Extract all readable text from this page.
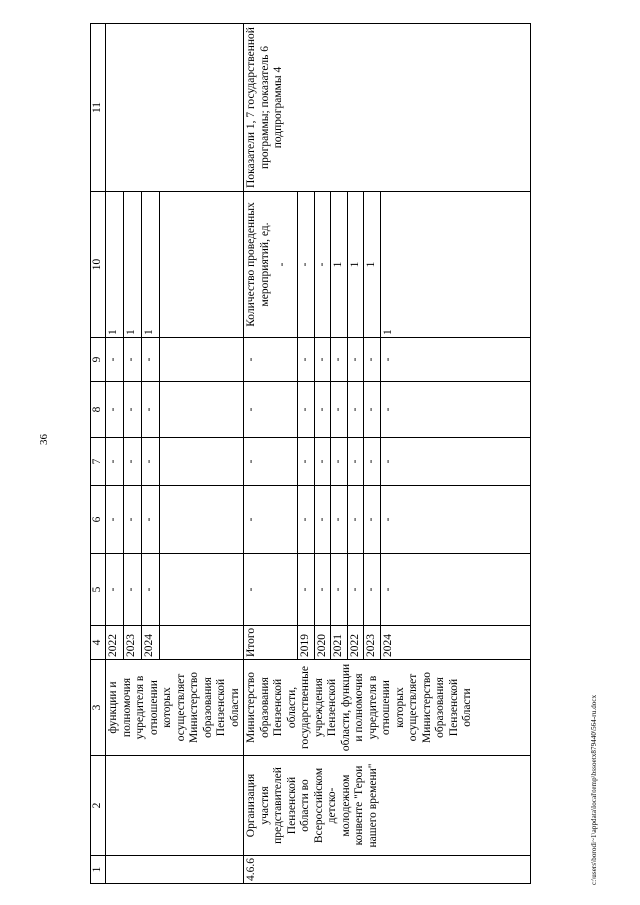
36
1	2	3	4	5	6	7	8	9	10	11
		функции и полномочия учредителя в отношении которых осуществляет Министерство образования Пензенской области	2022	-	-	-	-	-	1	
			2023	-	-	-	-	-	1	
			2024	-	-	-	-	-	1	

4.6.6	Организация участия представителей Пензенской области во Всероссийском детско-молодежном конвенте "Герои нашего времени"	Министерство образования Пензенской области, государственные учреждения Пензенской области, функции и полномочия учредителя в отношении которых осуществляет Министерство образования Пензенской области	Итого	-	-	-	-	-	Количество проведенных мероприятий, ед. -	Показатели 1, 7 государственной программы; показатель 6 подпрограммы 4
			2019	-	-	-	-	-	-	
			2020	-	-	-	-	-	-	
			2021	-	-	-	-	-	1	
			2022	-	-	-	-	-	1	
			2023	-	-	-	-	-	1	
			2024	-	-	-	-	-	1	
c:\users\borodi~1\appdata\local\temp\bssoetx879440\564-ru.docx
